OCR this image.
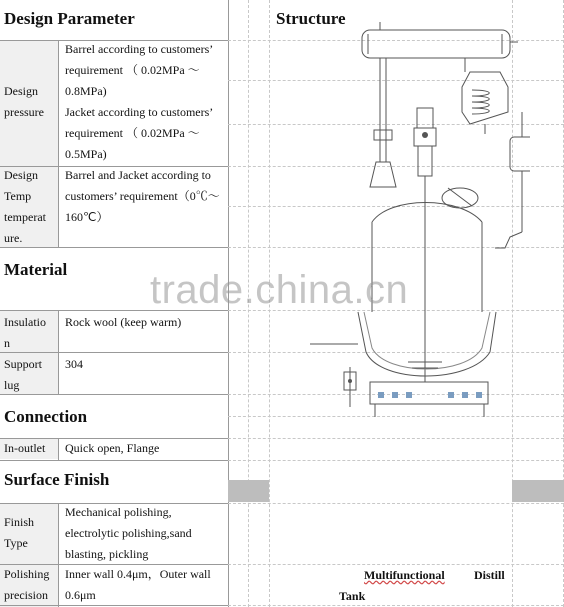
Design Parameter	Structure
Material
Connection
Surface Finish
Design
pressure
Barrel according to customers’
requirement （ 0.02MPa ～
0.8MPa)
Jacket according to customers’
requirement （ 0.02MPa ～
0.5MPa)
Design
Temp
temperat
ure.
Barrel and Jacket according to
customers’ requirement（0℃～
160℃）
Insulatio
n
Rock wool (keep warm)
Support
lug
304
In-outlet	Quick open, Flange
Finish
Type
Mechanical polishing,
electrolytic polishing,sand
blasting, pickling
Polishing
precision
Inner wall 0.4μm，Outer wall
0.6μm
trade.china.cn
Multifunctional Distill
Tank
